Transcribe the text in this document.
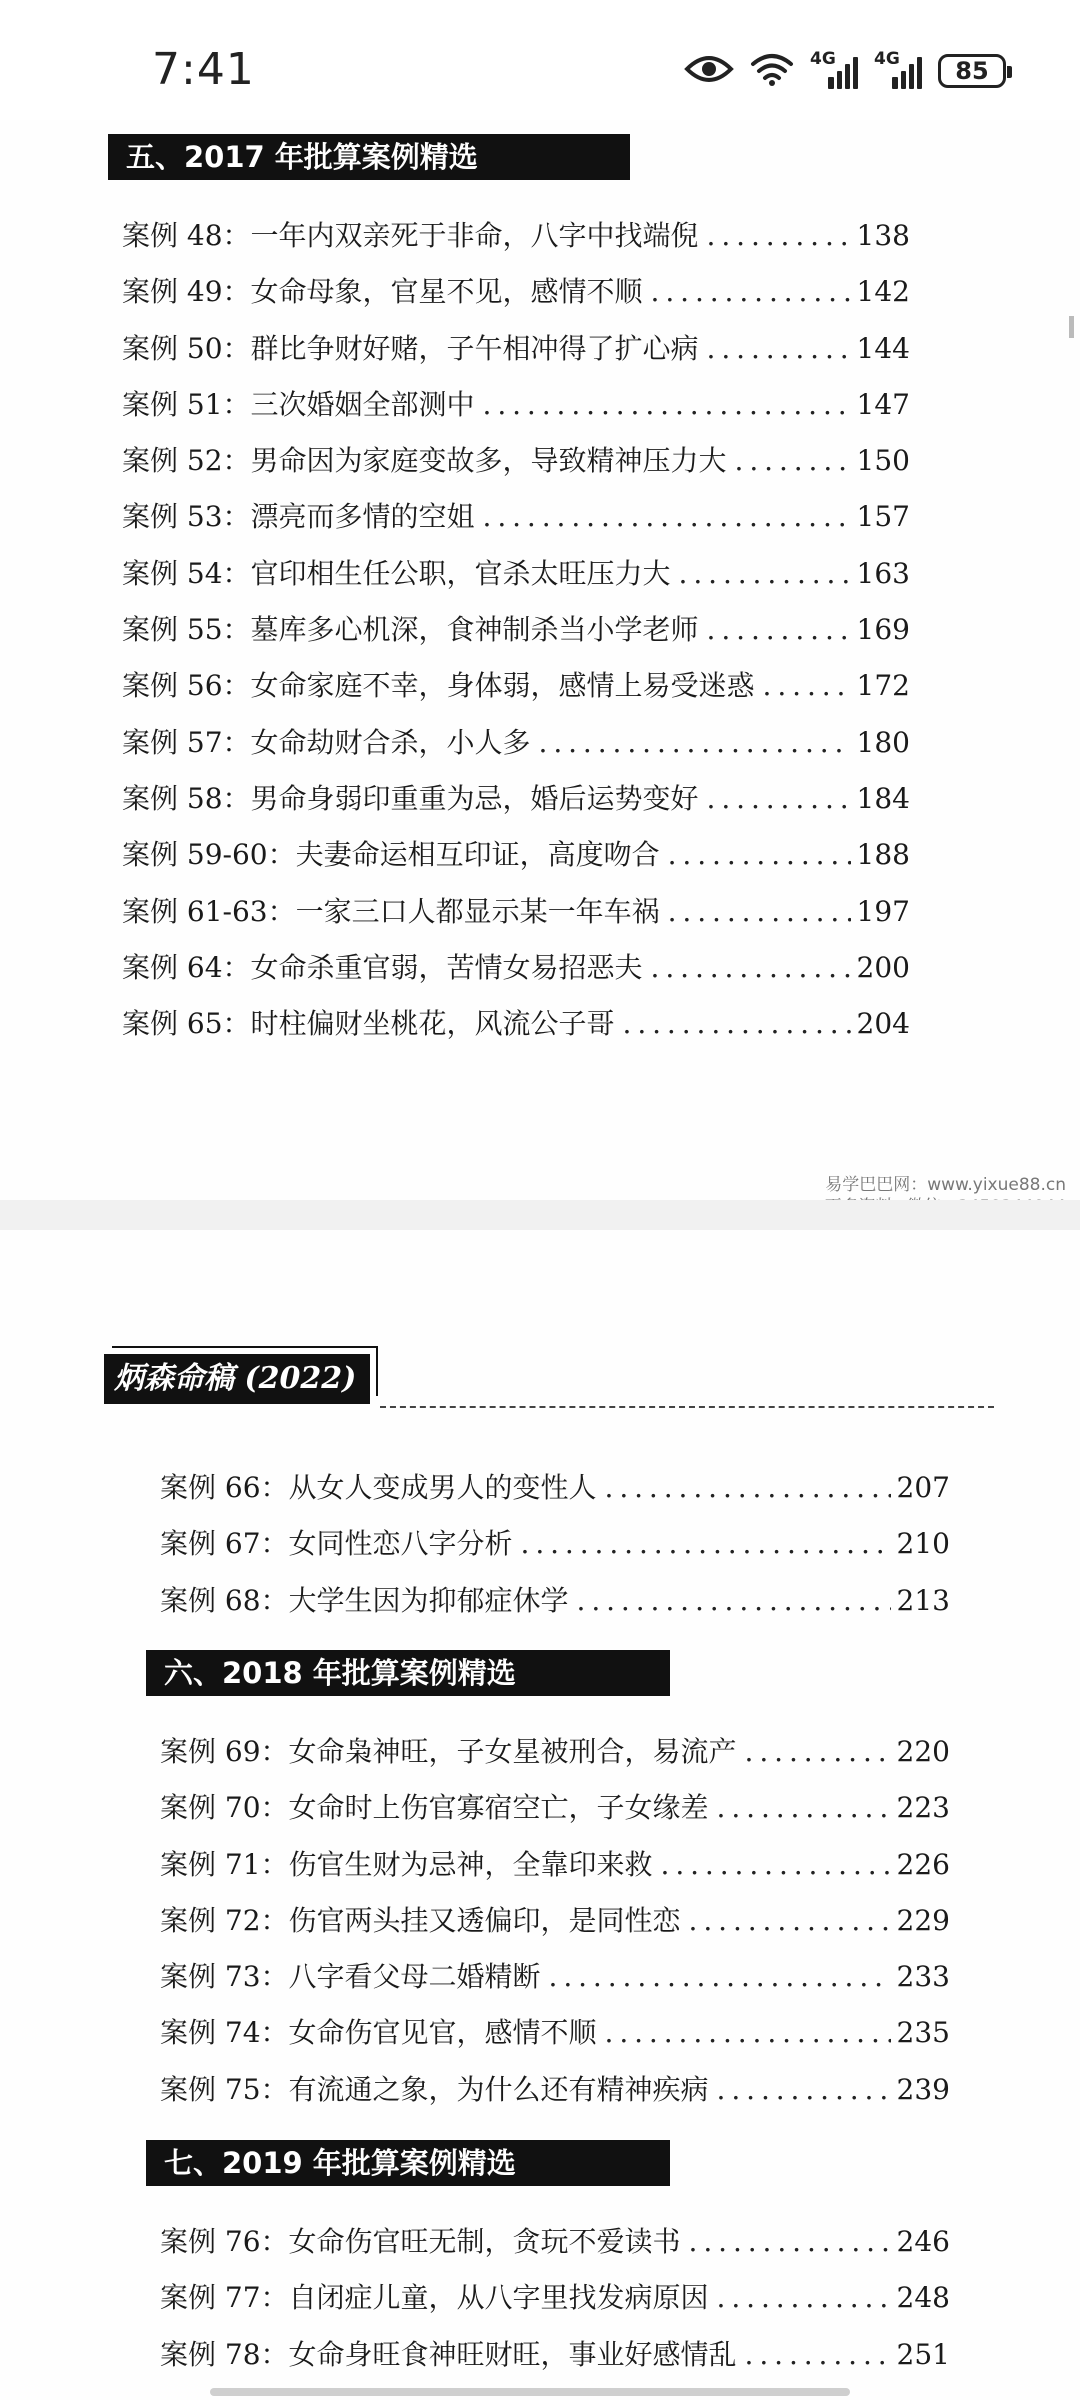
7:41	4G 4G	85
五、2017 年批算案例精选
案例 48：一年内双亲死于非命，八字中找端倪 . . .	138
案例 49：女命母象，官星不见，感情不顺 . . .	142
案例 50：群比争财好赌，子午相冲得了扩心病 . . .	144
案例 51：三次婚姻全部测中 . . .	147
案例 52：男命因为家庭变故多，导致精神压力大 . . .	150
案例 53：漂亮而多情的空姐 . . .	157
案例 54：官印相生任公职，官杀太旺压力大 . . .	163
案例 55：墓库多心机深，食神制杀当小学老师 . . .	169
案例 56：女命家庭不幸，身体弱，感情上易受迷惑 . . .	172
案例 57：女命劫财合杀，小人多 . . .	180
案例 58：男命身弱印重重为忌，婚后运势变好 . . .	184
案例 59-60：夫妻命运相互印证，高度吻合 . . .	188
案例 61-63：一家三口人都显示某一年车祸 . . .	197
案例 64：女命杀重官弱，苦情女易招恶夫 . . .	200
案例 65：时柱偏财坐桃花，风流公子哥 . . .	204
易学巴巴网：www.yixue88.cn
炳森命稿 (2022)
案例 66：从女人变成男人的变性人 . . .	207
案例 67：女同性恋八字分析 . . .	210
案例 68：大学生因为抑郁症休学 . . .	213
六、2018 年批算案例精选
案例 69：女命枭神旺，子女星被刑合，易流产 . . .	220
案例 70：女命时上伤官寡宿空亡，子女缘差 . . .	223
案例 71：伤官生财为忌神，全靠印来救 . . .	226
案例 72：伤官两头挂又透偏印，是同性恋 . . .	229
案例 73：八字看父母二婚精断 . . .	233
案例 74：女命伤官见官，感情不顺 . . .	235
案例 75：有流通之象，为什么还有精神疾病 . . .	239
七、2019 年批算案例精选
案例 76：女命伤官旺无制，贪玩不爱读书 . . .	246
案例 77：自闭症儿童，从八字里找发病原因 . . .	248
案例 78：女命身旺食神旺财旺，事业好感情乱 . . .	251
